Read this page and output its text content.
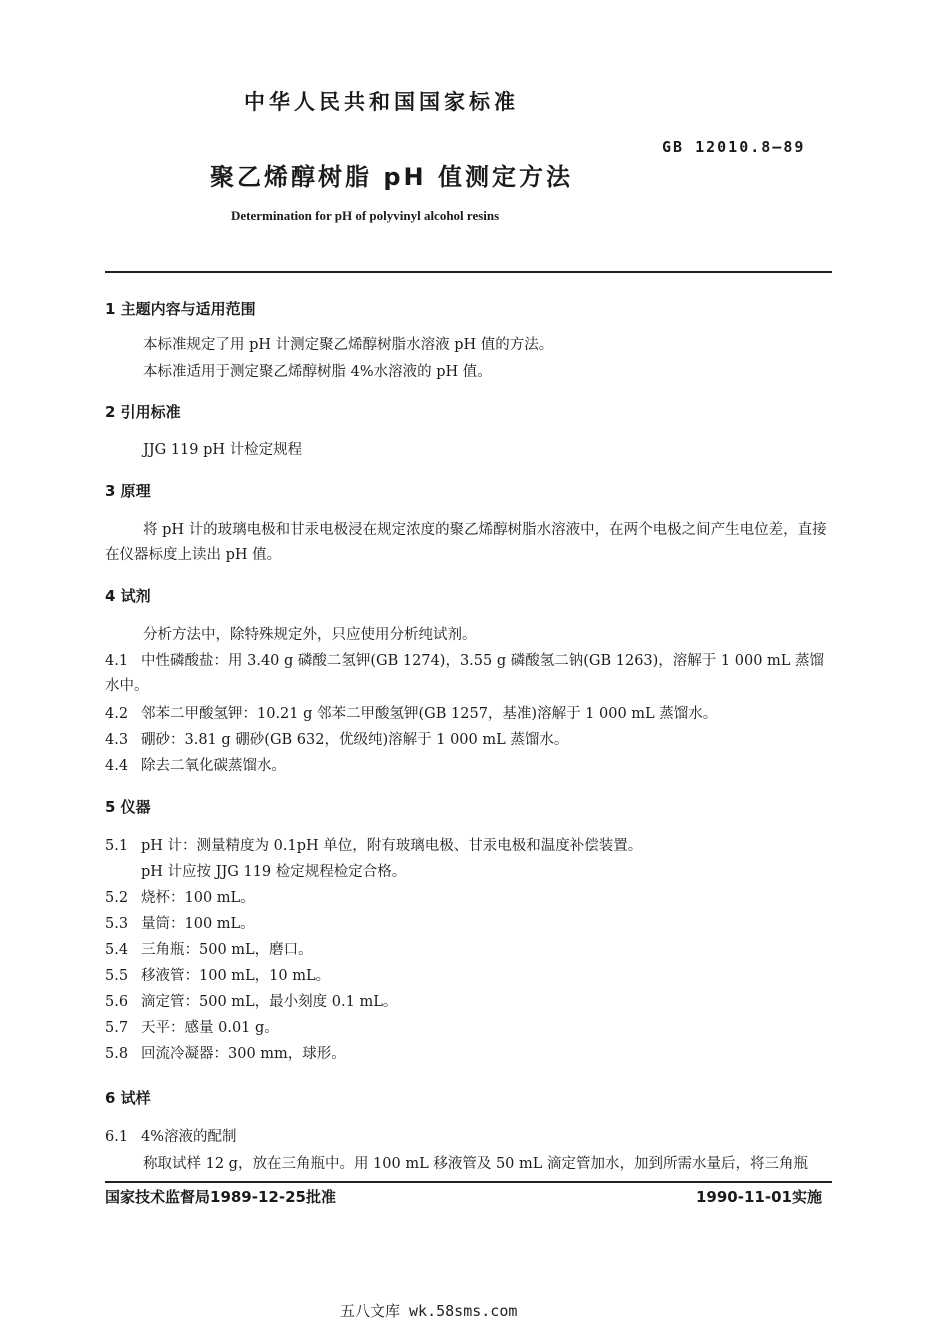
中华人民共和国国家标准
GB 12010.8—89
聚乙烯醇树脂 pH 值测定方法
Determination for pH of polyvinyl alcohol resins
1 主题内容与适用范围
本标准规定了用 pH 计测定聚乙烯醇树脂水溶液 pH 值的方法。
本标准适用于测定聚乙烯醇树脂 4%水溶液的 pH 值。
2 引用标准
JJG 119 pH 计检定规程
3 原理
将 pH 计的玻璃电极和甘汞电极浸在规定浓度的聚乙烯醇树脂水溶液中，在两个电极之间产生电位差，直接在仪器标度上读出 pH 值。
4 试剂
分析方法中，除特殊规定外，只应使用分析纯试剂。
4.1 中性磷酸盐：用 3.40 g 磷酸二氢钾(GB 1274)，3.55 g 磷酸氢二钠(GB 1263)，溶解于 1 000 mL 蒸馏水中。
4.2 邻苯二甲酸氢钾：10.21 g 邻苯二甲酸氢钾(GB 1257，基准)溶解于 1 000 mL 蒸馏水。
4.3 硼砂：3.81 g 硼砂(GB 632，优级纯)溶解于 1 000 mL 蒸馏水。
4.4 除去二氧化碳蒸馏水。
5 仪器
5.1 pH 计：测量精度为 0.1pH 单位，附有玻璃电极、甘汞电极和温度补偿装置。
pH 计应按 JJG 119 检定规程检定合格。
5.2 烧杯：100 mL。
5.3 量筒：100 mL。
5.4 三角瓶：500 mL，磨口。
5.5 移液管：100 mL，10 mL。
5.6 滴定管：500 mL，最小刻度 0.1 mL。
5.7 天平：感量 0.01 g。
5.8 回流冷凝器：300 mm，球形。
6 试样
6.1 4%溶液的配制
称取试样 12 g，放在三角瓶中。用 100 mL 移液管及 50 mL 滴定管加水，加到所需水量后，将三角瓶
国家技术监督局1989-12-25批准	1990-11-01实施
五八文库 wk.58sms.com
